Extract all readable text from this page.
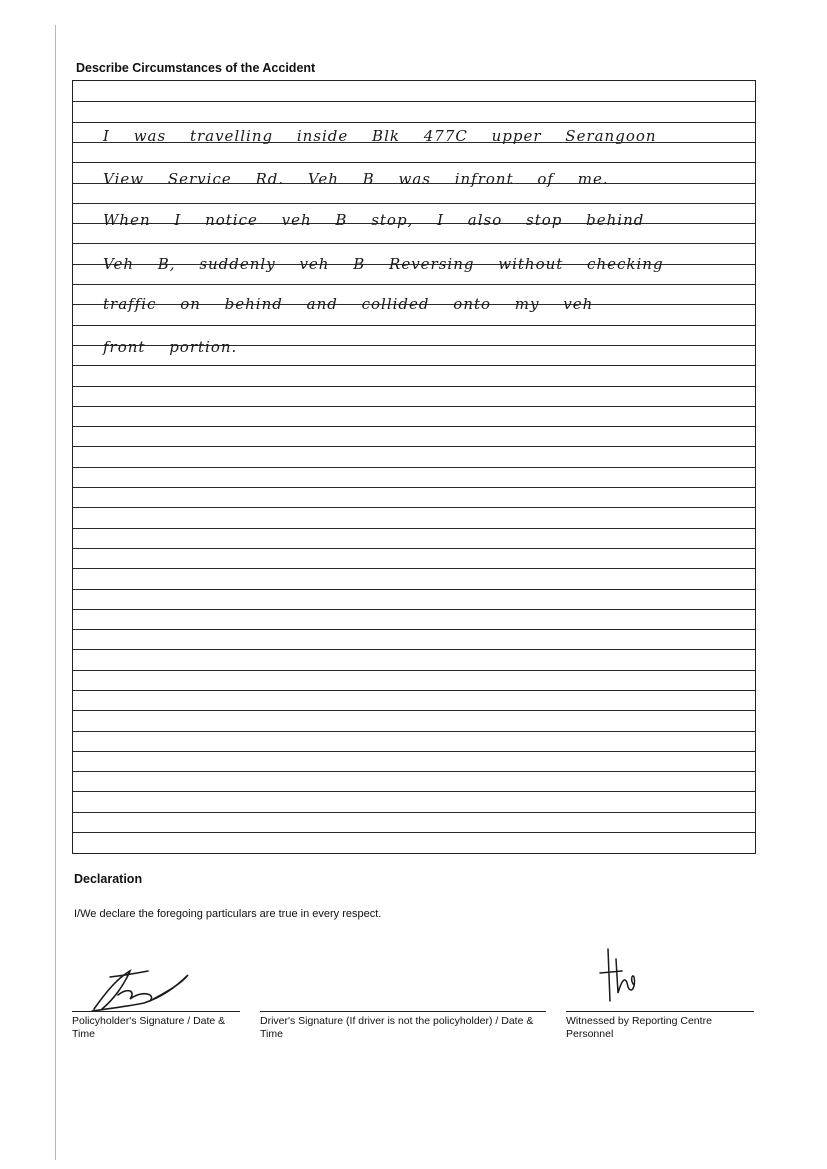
Describe Circumstances of the Accident
I was travelling inside Blk 477C upper Serangoon
View Service Rd. Veh B was infront of me.
When I notice veh B stop, I also stop behind
Veh B, suddenly veh B Reversing without checking
traffic on behind and collided onto my veh
front portion.
Declaration
I/We declare the foregoing particulars are true in every respect.
Policyholder's Signature / Date & Time
Driver's Signature (If driver is not the policyholder) / Date & Time
Witnessed by Reporting Centre Personnel
